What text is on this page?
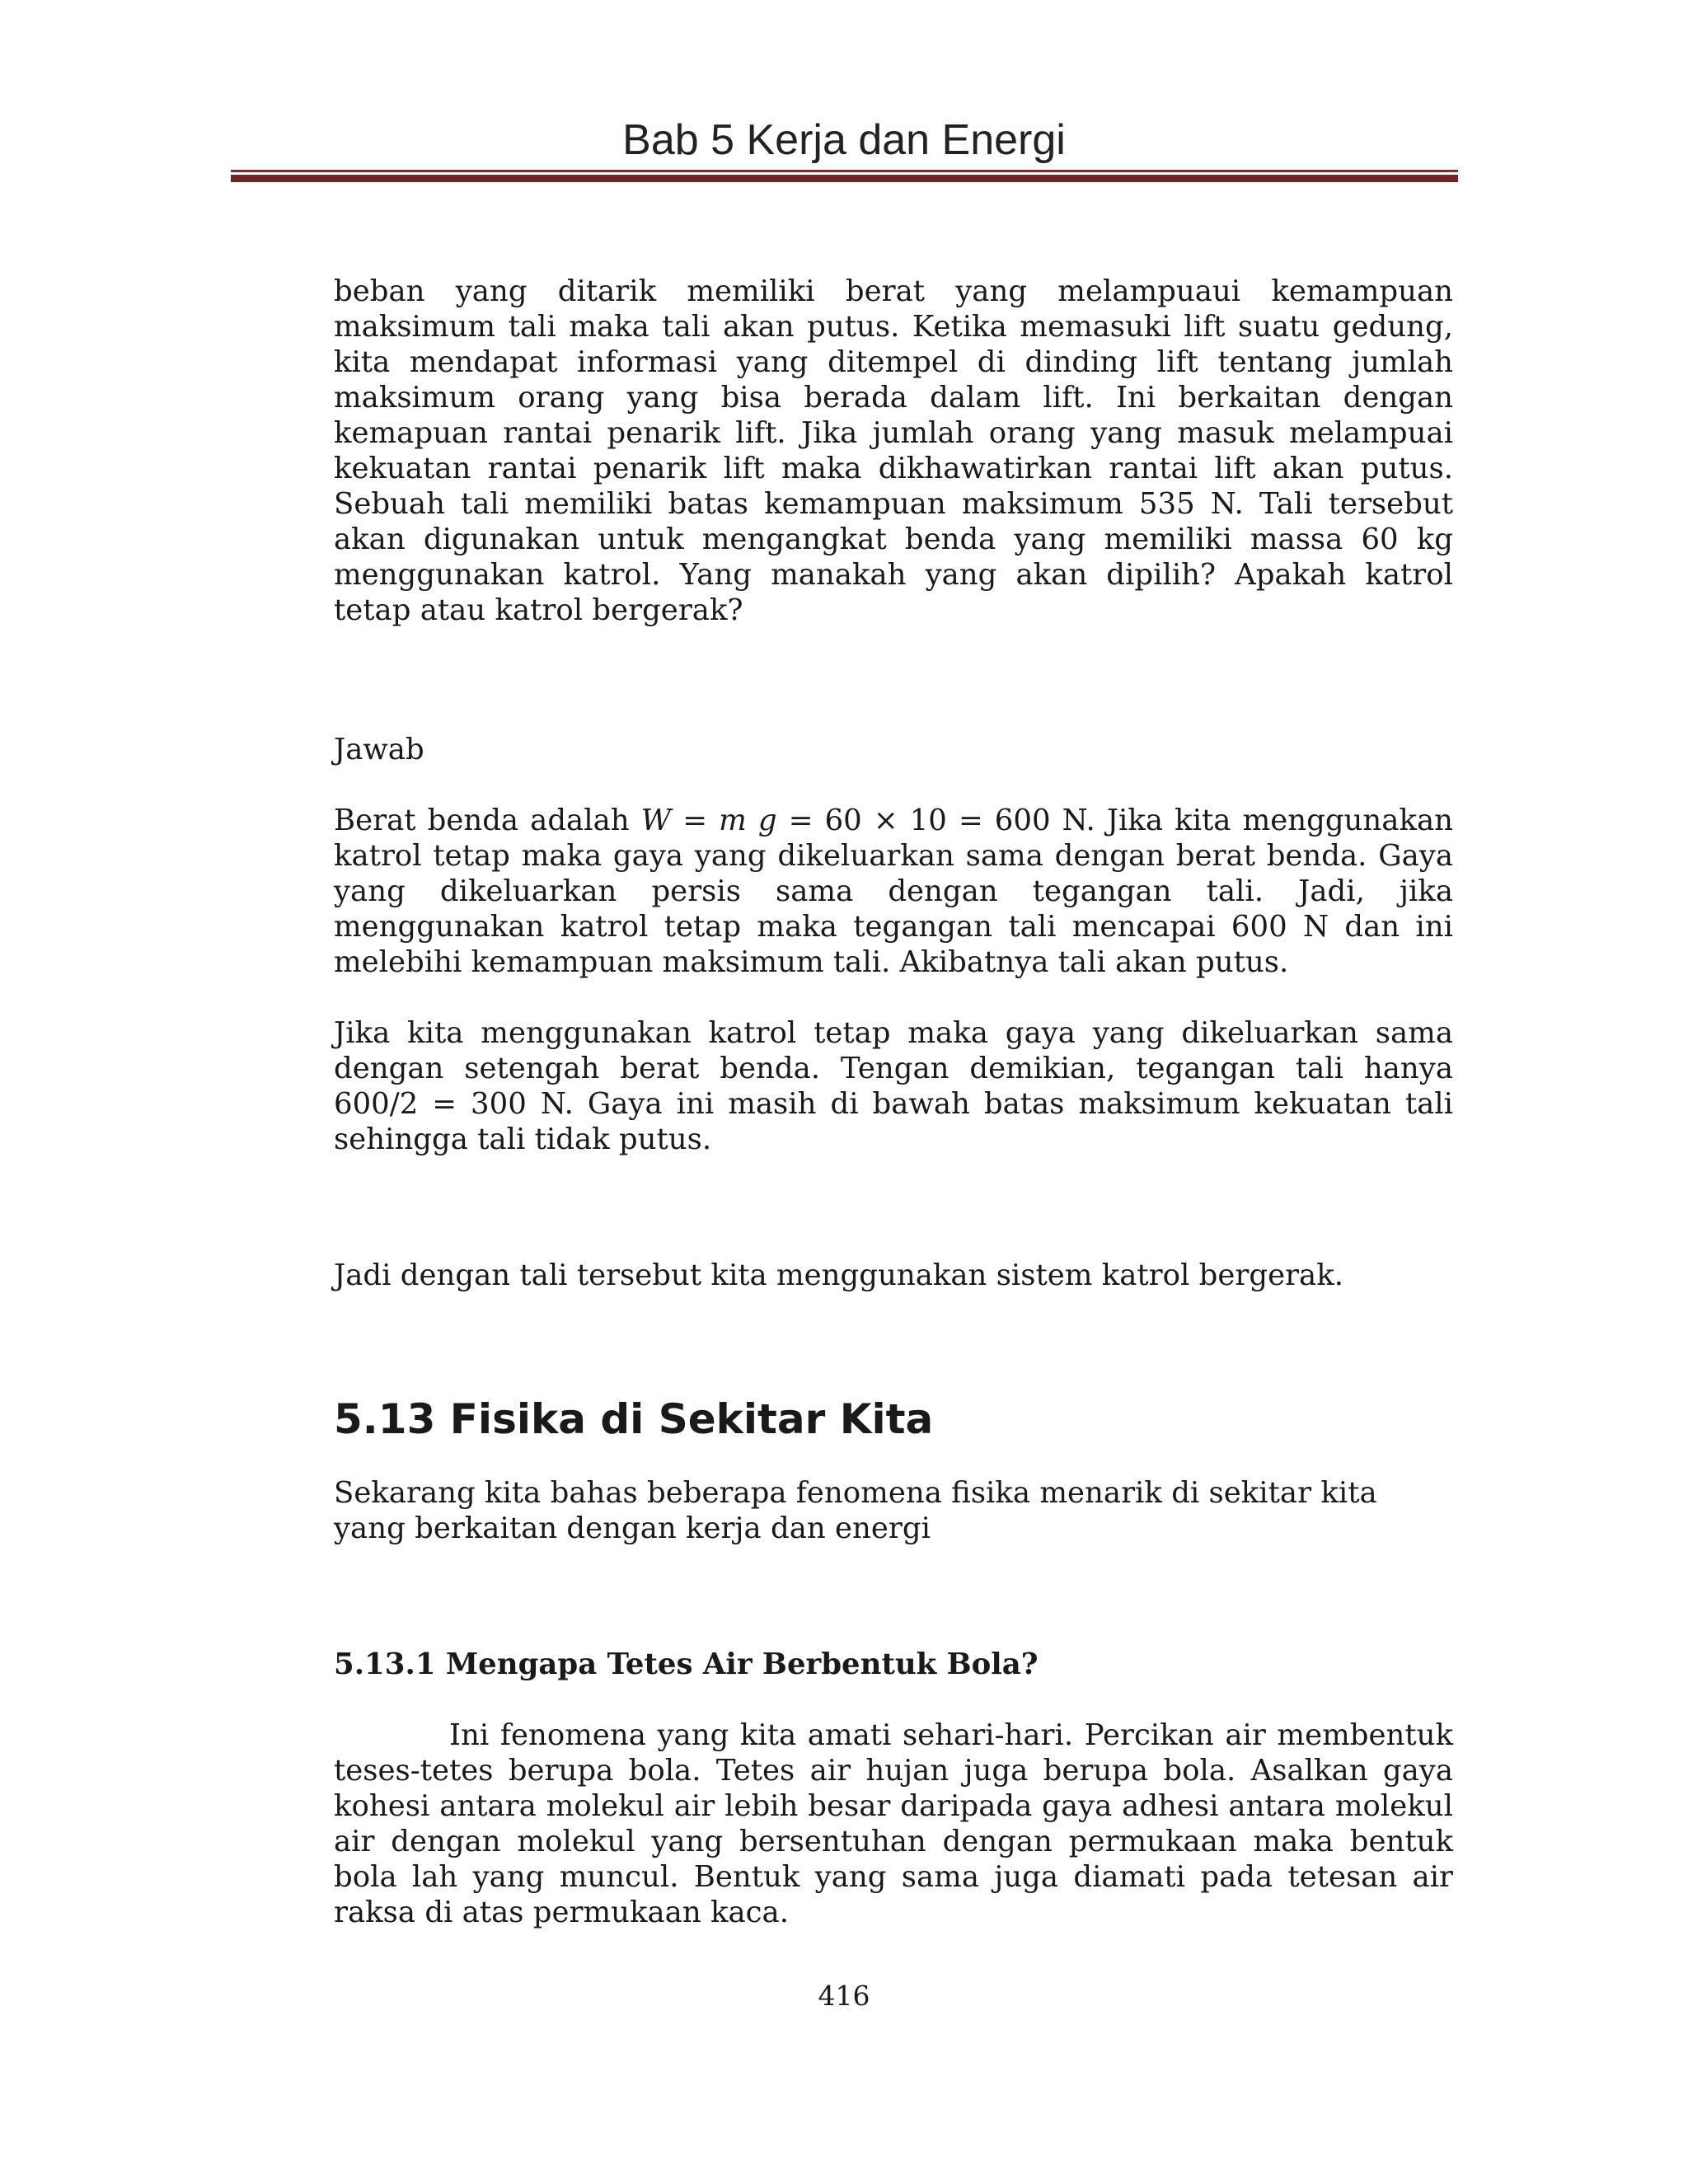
Bab 5 Kerja dan Energi

beban yang ditarik memiliki berat yang melampuaui kemampuan maksimum tali maka tali akan putus. Ketika memasuki lift suatu gedung, kita mendapat informasi yang ditempel di dinding lift tentang jumlah maksimum orang yang bisa berada dalam lift. Ini berkaitan dengan kemapuan rantai penarik lift. Jika jumlah orang yang masuk melampuai kekuatan rantai penarik lift maka dikhawatirkan rantai lift akan putus. Sebuah tali memiliki batas kemampuan maksimum 535 N. Tali tersebut akan digunakan untuk mengangkat benda yang memiliki massa 60 kg menggunakan katrol. Yang manakah yang akan dipilih? Apakah katrol tetap atau katrol bergerak?

Jawab

Berat benda adalah W = m g = 60 × 10 = 600 N. Jika kita menggunakan katrol tetap maka gaya yang dikeluarkan sama dengan berat benda. Gaya yang dikeluarkan persis sama dengan tegangan tali. Jadi, jika menggunakan katrol tetap maka tegangan tali mencapai 600 N dan ini melebihi kemampuan maksimum tali. Akibatnya tali akan putus.

Jika kita menggunakan katrol tetap maka gaya yang dikeluarkan sama dengan setengah berat benda. Tengan demikian, tegangan tali hanya 600/2 = 300 N. Gaya ini masih di bawah batas maksimum kekuatan tali sehingga tali tidak putus.

Jadi dengan tali tersebut kita menggunakan sistem katrol bergerak.

5.13 Fisika di Sekitar Kita

Sekarang kita bahas beberapa fenomena fisika menarik di sekitar kita yang berkaitan dengan kerja dan energi

5.13.1 Mengapa Tetes Air Berbentuk Bola?

Ini fenomena yang kita amati sehari-hari. Percikan air membentuk teses-tetes berupa bola. Tetes air hujan juga berupa bola. Asalkan gaya kohesi antara molekul air lebih besar daripada gaya adhesi antara molekul air dengan molekul yang bersentuhan dengan permukaan maka bentuk bola lah yang muncul. Bentuk yang sama juga diamati pada tetesan air raksa di atas permukaan kaca.

416
